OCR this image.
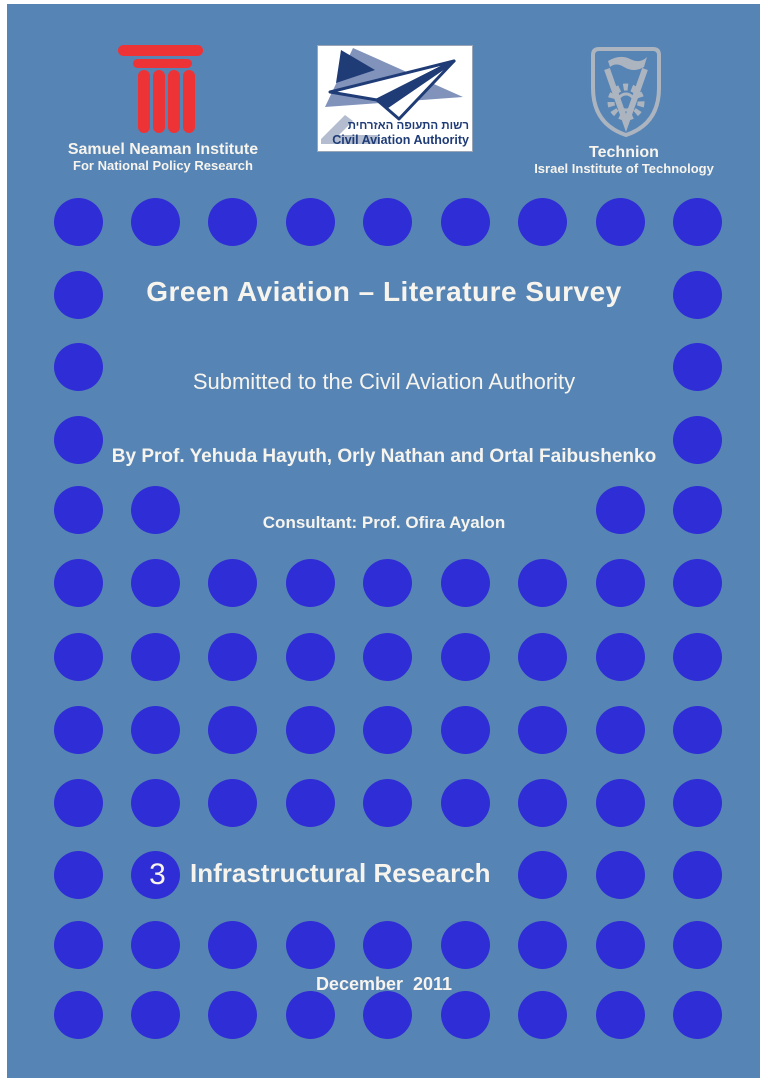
Samuel Neaman Institute
For National Policy Research
רשות התעופה האזרחית
Civil Aviation Authority
Technion
Israel Institute of Technology
Green Aviation – Literature Survey
Submitted to the Civil Aviation Authority
By Prof. Yehuda Hayuth, Orly Nathan and Ortal Faibushenko
Consultant: Prof. Ofira Ayalon
3 Infrastructural Research
December  2011
